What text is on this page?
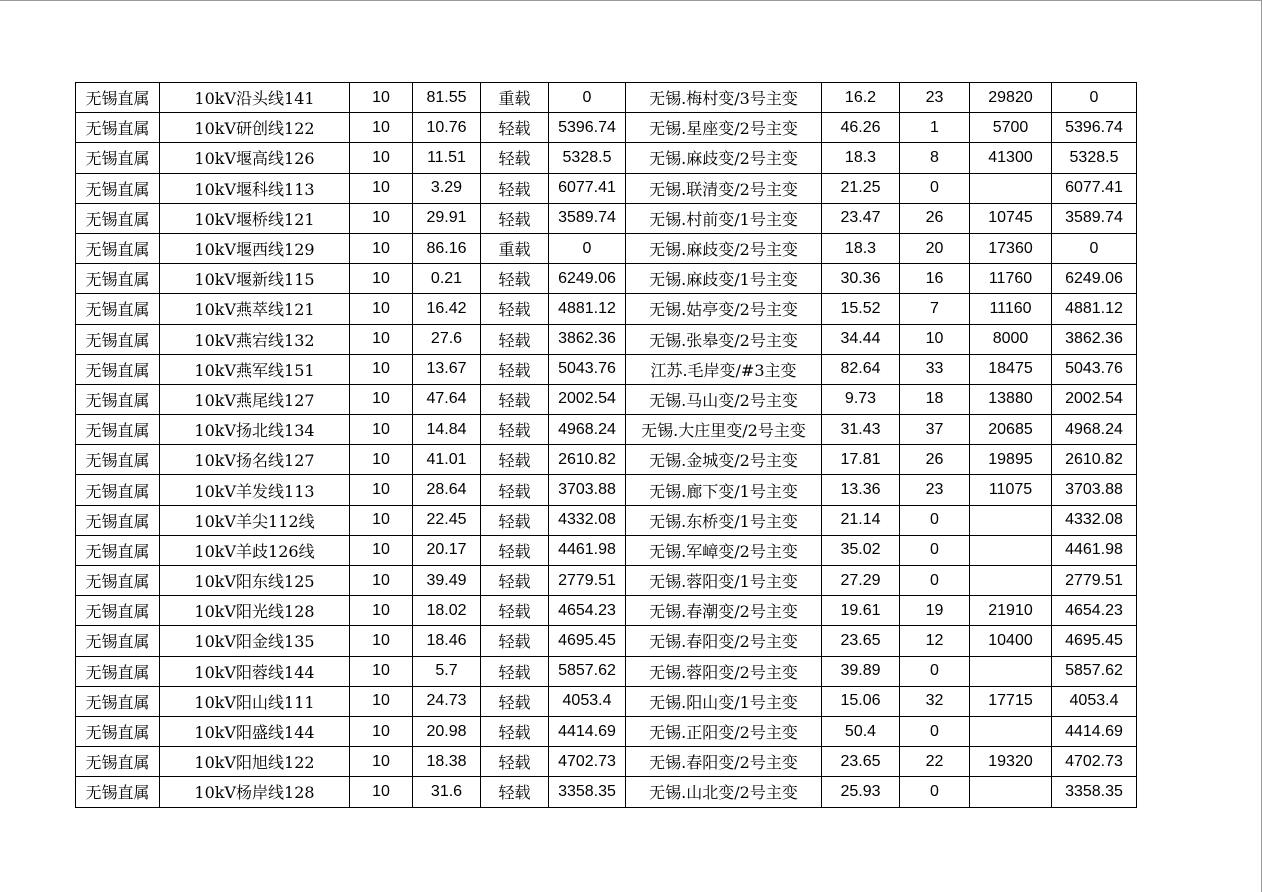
无锡直属	10kV沿头线141	10	81.55	重载	0	无锡.梅村变/3号主变	16.2	23	29820	0
无锡直属	10kV研创线122	10	10.76	轻载	5396.74	无锡.星座变/2号主变	46.26	1	5700	5396.74
无锡直属	10kV堰高线126	10	11.51	轻载	5328.5	无锡.麻歧变/2号主变	18.3	8	41300	5328.5
无锡直属	10kV堰科线113	10	3.29	轻载	6077.41	无锡.联清变/2号主变	21.25	0		6077.41
无锡直属	10kV堰桥线121	10	29.91	轻载	3589.74	无锡.村前变/1号主变	23.47	26	10745	3589.74
无锡直属	10kV堰西线129	10	86.16	重载	0	无锡.麻歧变/2号主变	18.3	20	17360	0
无锡直属	10kV堰新线115	10	0.21	轻载	6249.06	无锡.麻歧变/1号主变	30.36	16	11760	6249.06
无锡直属	10kV燕萃线121	10	16.42	轻载	4881.12	无锡.姑亭变/2号主变	15.52	7	11160	4881.12
无锡直属	10kV燕宕线132	10	27.6	轻载	3862.36	无锡.张皋变/2号主变	34.44	10	8000	3862.36
无锡直属	10kV燕军线151	10	13.67	轻载	5043.76	江苏.毛岸变/#3主变	82.64	33	18475	5043.76
无锡直属	10kV燕尾线127	10	47.64	轻载	2002.54	无锡.马山变/2号主变	9.73	18	13880	2002.54
无锡直属	10kV扬北线134	10	14.84	轻载	4968.24	无锡.大庄里变/2号主变	31.43	37	20685	4968.24
无锡直属	10kV扬名线127	10	41.01	轻载	2610.82	无锡.金城变/2号主变	17.81	26	19895	2610.82
无锡直属	10kV羊发线113	10	28.64	轻载	3703.88	无锡.廊下变/1号主变	13.36	23	11075	3703.88
无锡直属	10kV羊尖112线	10	22.45	轻载	4332.08	无锡.东桥变/1号主变	21.14	0		4332.08
无锡直属	10kV羊歧126线	10	20.17	轻载	4461.98	无锡.军嶂变/2号主变	35.02	0		4461.98
无锡直属	10kV阳东线125	10	39.49	轻载	2779.51	无锡.蓉阳变/1号主变	27.29	0		2779.51
无锡直属	10kV阳光线128	10	18.02	轻载	4654.23	无锡.春潮变/2号主变	19.61	19	21910	4654.23
无锡直属	10kV阳金线135	10	18.46	轻载	4695.45	无锡.春阳变/2号主变	23.65	12	10400	4695.45
无锡直属	10kV阳蓉线144	10	5.7	轻载	5857.62	无锡.蓉阳变/2号主变	39.89	0		5857.62
无锡直属	10kV阳山线111	10	24.73	轻载	4053.4	无锡.阳山变/1号主变	15.06	32	17715	4053.4
无锡直属	10kV阳盛线144	10	20.98	轻载	4414.69	无锡.正阳变/2号主变	50.4	0		4414.69
无锡直属	10kV阳旭线122	10	18.38	轻载	4702.73	无锡.春阳变/2号主变	23.65	22	19320	4702.73
无锡直属	10kV杨岸线128	10	31.6	轻载	3358.35	无锡.山北变/2号主变	25.93	0		3358.35
